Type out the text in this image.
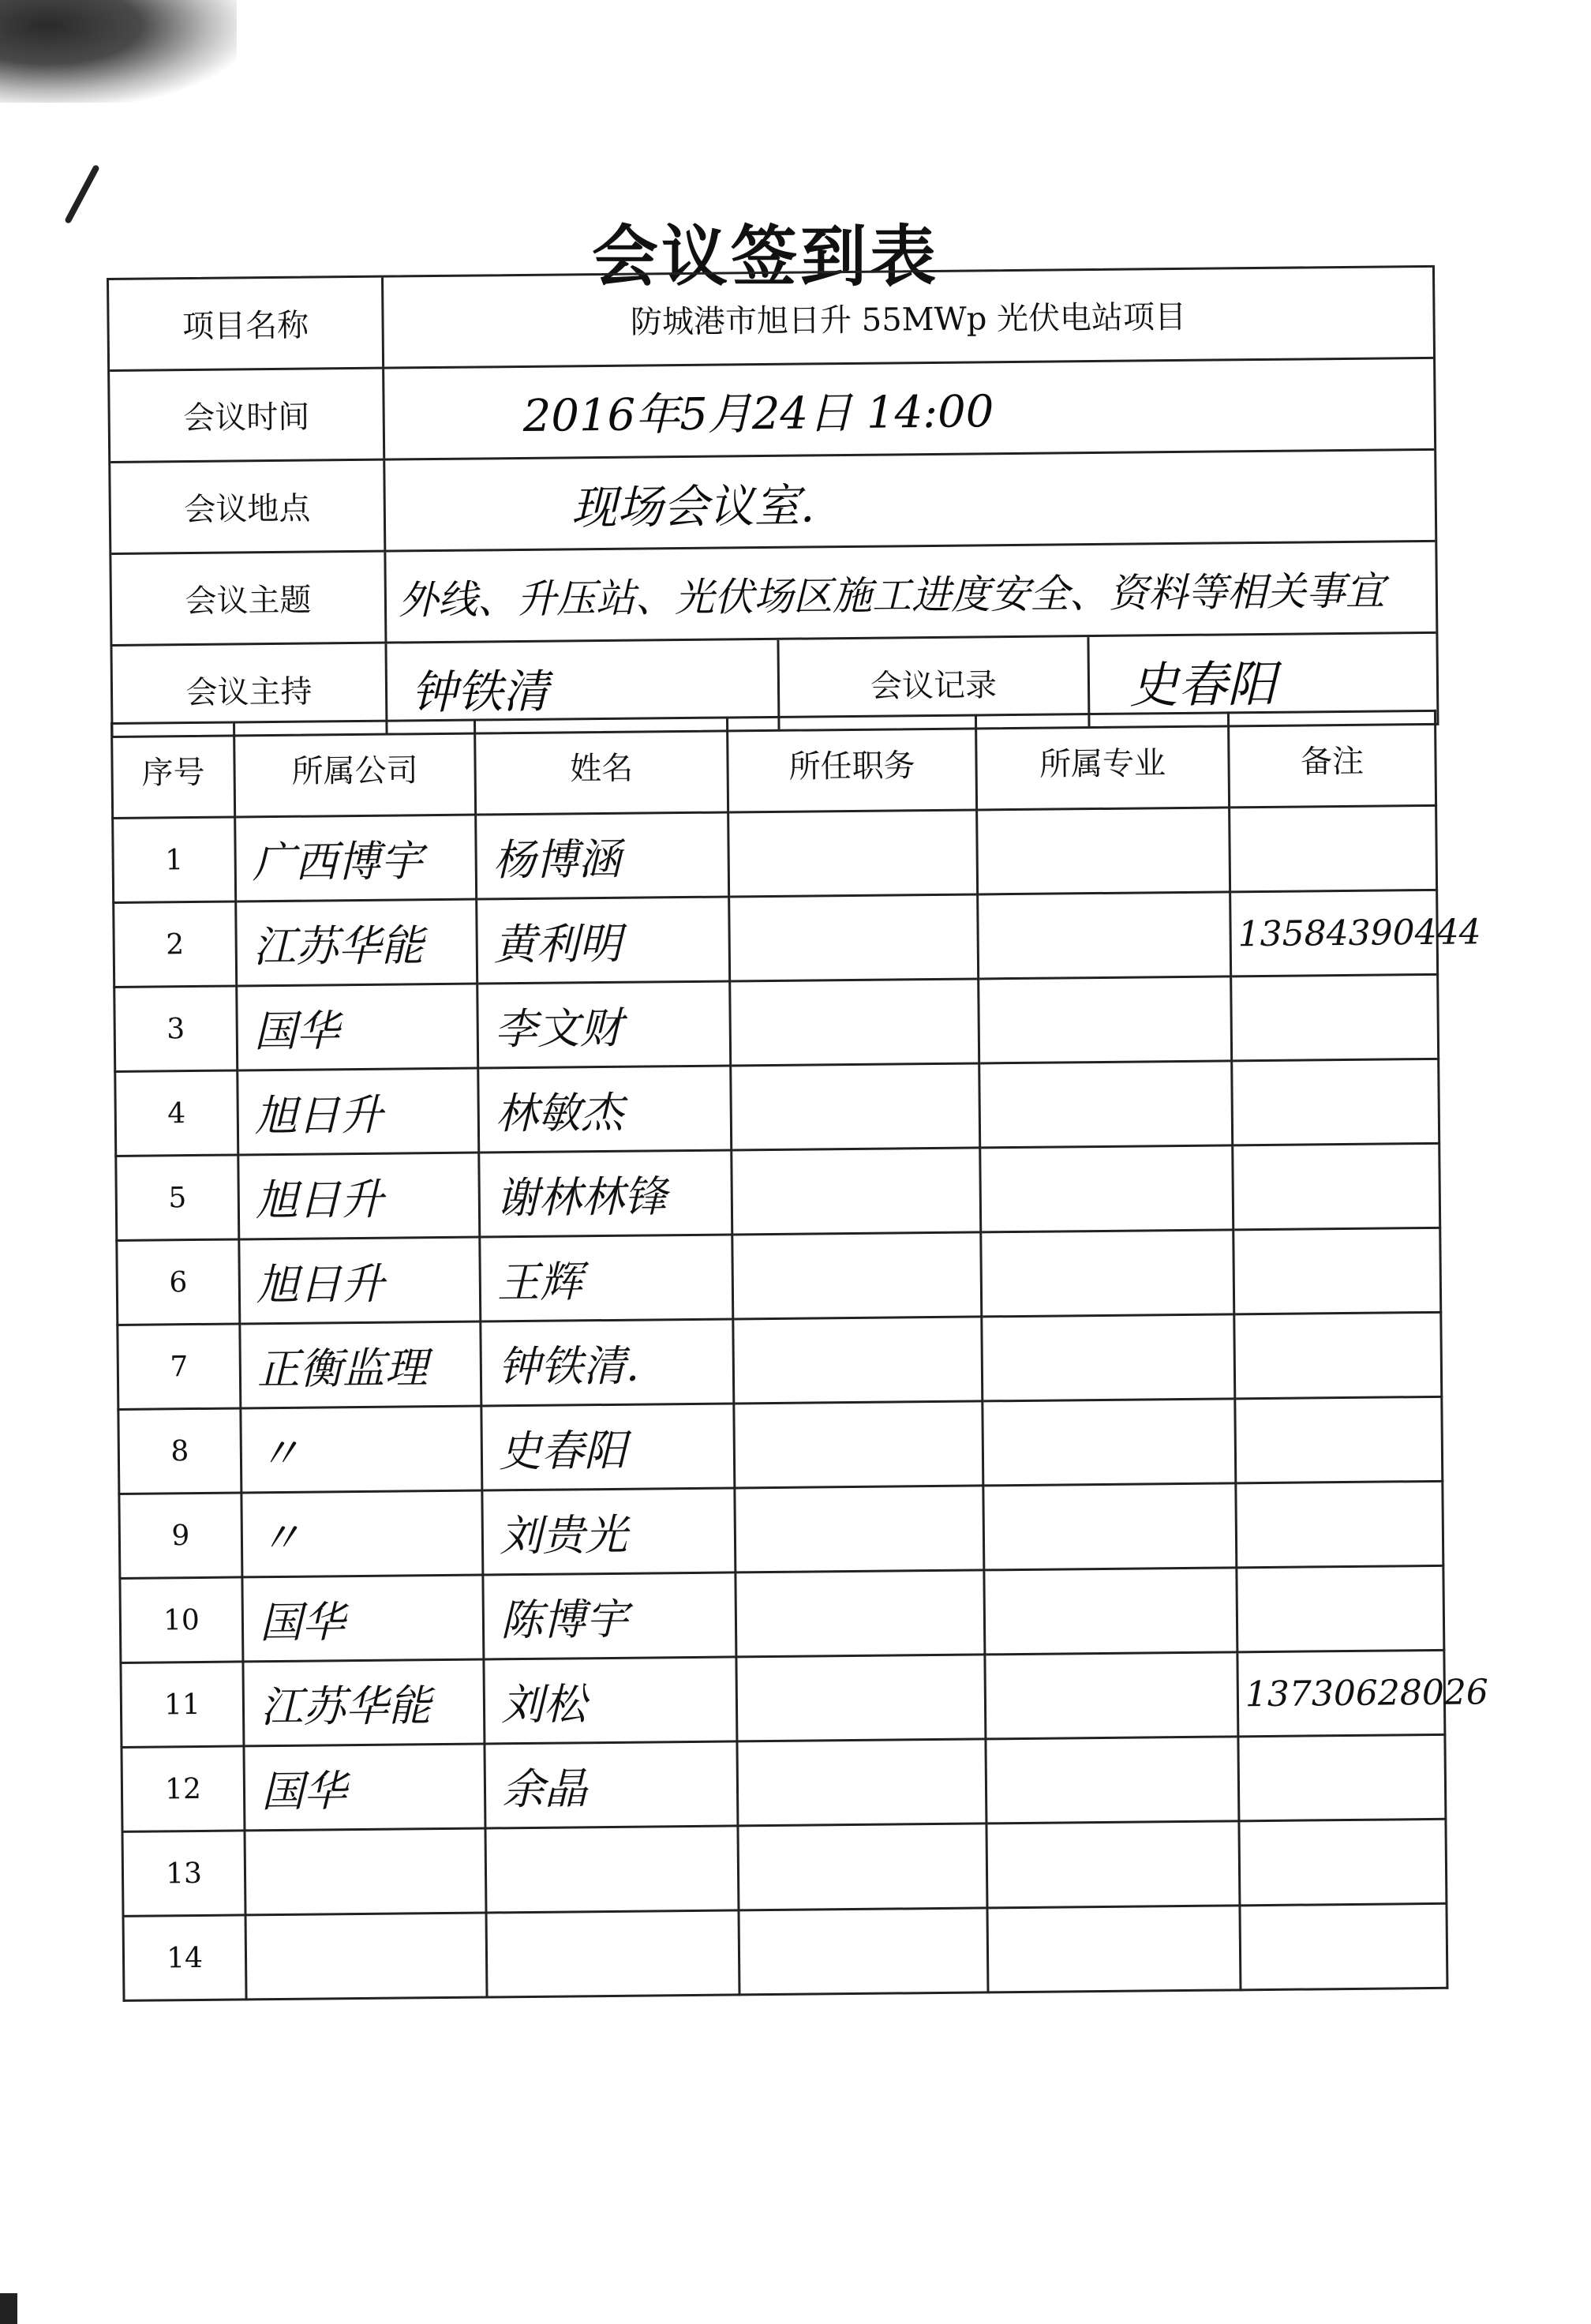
会议签到表
项目名称	防城港市旭日升 55MWp 光伏电站项目
会议时间	2016年5月24日 14:00
会议地点	现场会议室.
会议主题	外线、升压站、光伏场区施工进度安全、资料等相关事宜
会议主持	钟铁清	会议记录	史春阳
序号	所属公司	姓名	所任职务	所属专业	备注
1	广西博宇	杨博涵			
2	江苏华能	黄利明			13584390444
3	国华	李文财			
4	旭日升	林敏杰			
5	旭日升	谢林林锋			
6	旭日升	王辉			
7	正衡监理	钟铁清.			
8	〃	史春阳			
9	〃	刘贵光			
10	国华	陈博宇			
11	江苏华能	刘松			13730628026
12	国华	余晶			
13					
14					
